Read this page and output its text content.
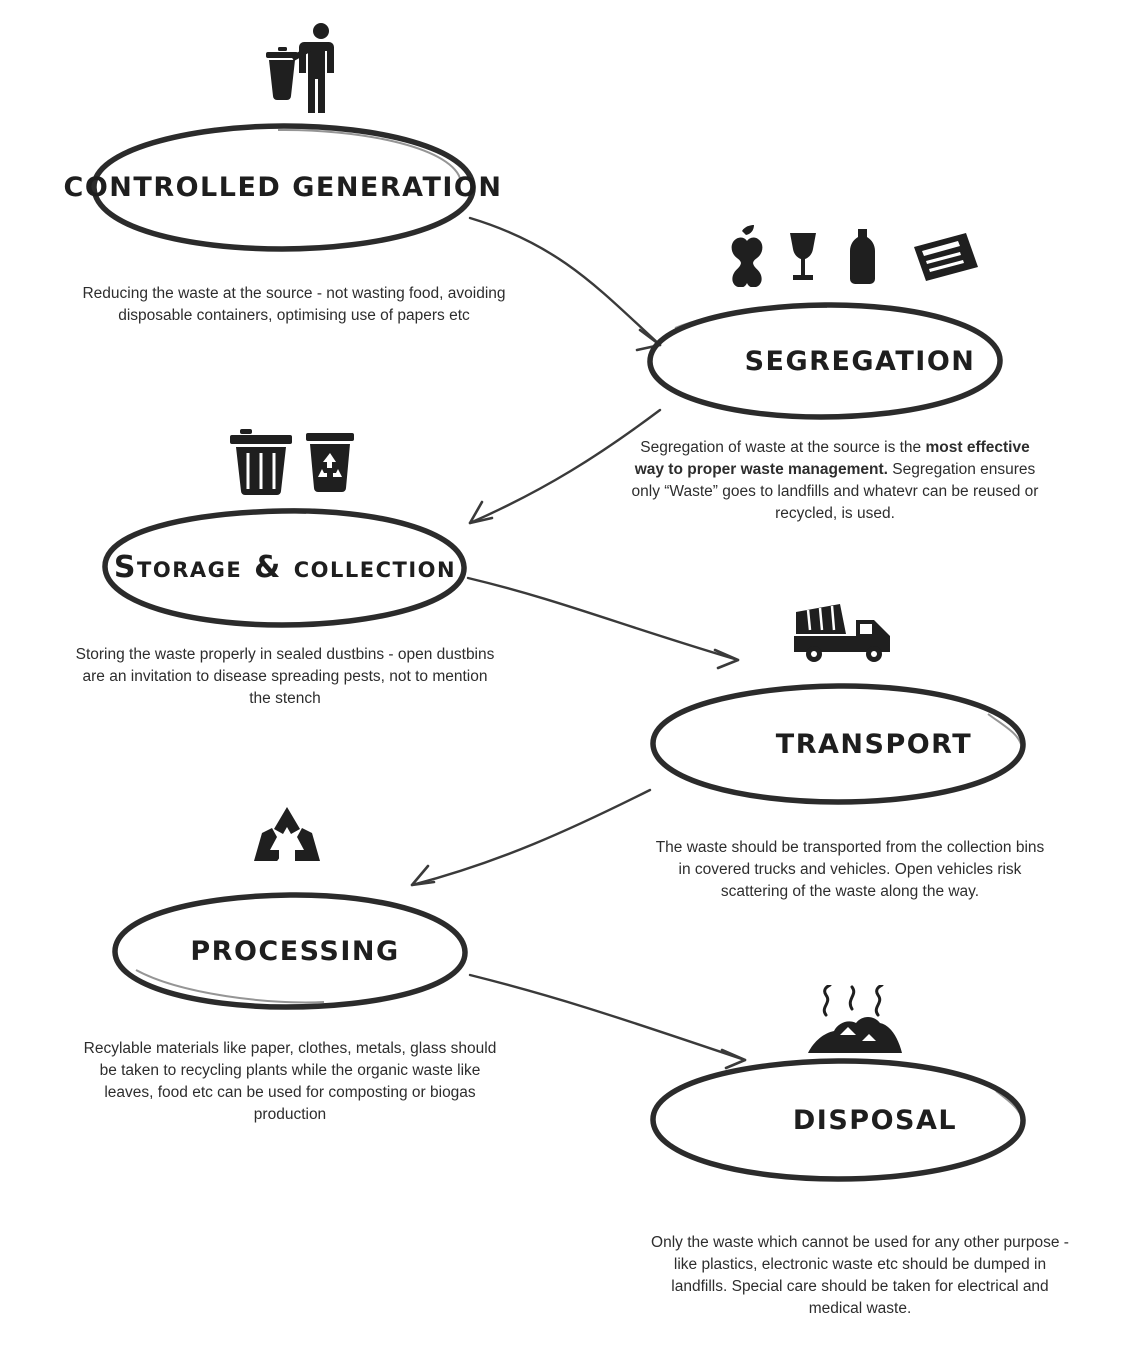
CONTROLLED GENERATION
Reducing the waste at the source - not wasting food, avoiding disposable containers, optimising use of papers etc
SEGREGATION
Segregation of waste at the source is the most effective way to proper waste management. Segregation ensures only “Waste” goes to landfills and whatevr can be reused or recycled, is used.
Storage & collection
Storing the waste properly in sealed dustbins - open dustbins are an invitation to disease spreading pests, not to mention the stench
TRANSPORT
The waste should be transported from the collection bins in covered trucks and vehicles. Open vehicles risk scattering of the waste along the way.
PROCESSING
Recylable materials like paper, clothes, metals, glass should be taken to recycling plants while the organic waste like leaves, food etc can be used for composting or biogas production	DISPOSAL
Only the waste which cannot be used for any other purpose - like plastics, electronic waste etc should be dumped in landfills. Special care should be taken for electrical and medical waste.
